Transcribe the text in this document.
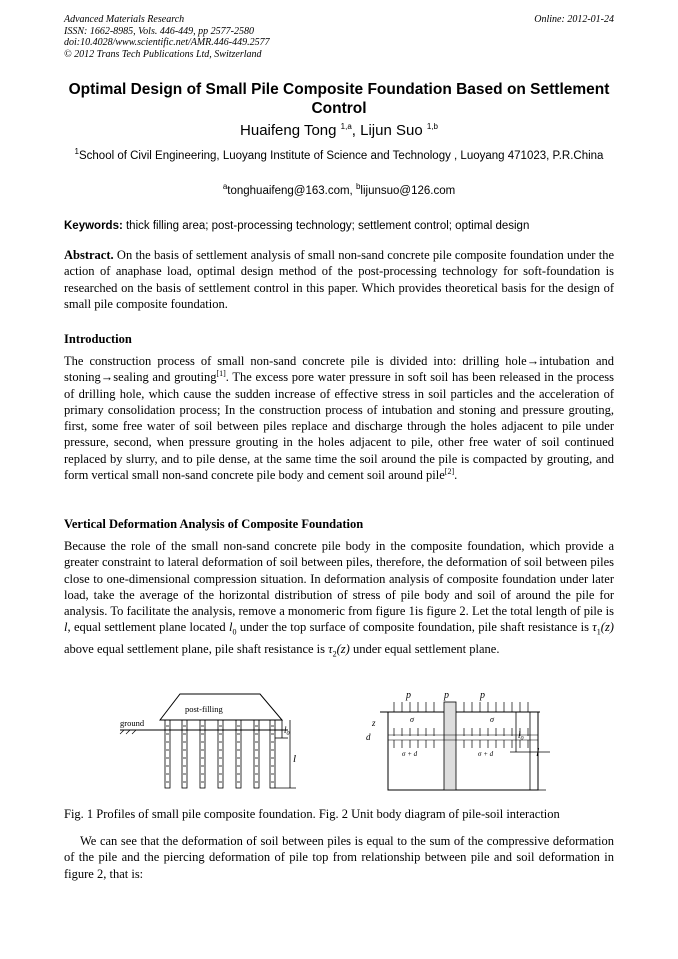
Advanced Materials Research
ISSN: 1662-8985, Vols. 446-449, pp 2577-2580
doi:10.4028/www.scientific.net/AMR.446-449.2577
© 2012 Trans Tech Publications Ltd, Switzerland
Online: 2012-01-24
Optimal Design of Small Pile Composite Foundation Based on Settlement Control
Huaifeng Tong $^{1,a}$, Lijun Suo $^{1,b}$
$^1$School of Civil Engineering, Luoyang Institute of Science and Technology , Luoyang 471023, P.R.China
$^a$tonghuaifeng@163.com, $^b$lijunsuo@126.com
Keywords: thick filling area; post-processing technology; settlement control; optimal design
Abstract. On the basis of settlement analysis of small non-sand concrete pile composite foundation under the action of anaphase load, optimal design method of the post-processing technology for soft-foundation is researched on the basis of settlement control in this paper. Which provides theoretical basis for the design of small pile composite foundation.
Introduction
The construction process of small non-sand concrete pile is divided into: drilling hole→intubation and stoning→sealing and grouting[1]. The excess pore water pressure in soft soil has been released in the process of drilling hole, which cause the sudden increase of effective stress in soil particles and the acceleration of primary consolidation process; In the construction process of intubation and stoning and pressure grouting, first, some free water of soil between piles replace and discharge through the holes adjacent to pile under pressure, second, when pressure grouting in the holes adjacent to pile, other free water of soil continued replaced by slurry, and to pile dense, at the same time the soil around the pile is compacted by grouting, and form vertical small non-sand concrete pile body and cement soil around pile[2].
Vertical Deformation Analysis of Composite Foundation
Because the role of the small non-sand concrete pile body in the composite foundation, which provide a greater constraint to lateral deformation of soil between piles, therefore, the deformation of soil between piles close to one-dimensional compression situation. In deformation analysis of composite foundation under later load, take the average of the horizontal distribution of stress of pile body and soil of around the pile for analysis. To facilitate the analysis, remove a monomeric from figure 1is figure 2. Let the total length of pile is l, equal settlement plane located $l_0$ under the top surface of composite foundation, pile shaft resistance is $\tau_1(z)$ above equal settlement plane, pile shaft resistance is $\tau_2(z)$ under equal settlement plane.
post-filling
ground
$l_0$
l
p	p	p
σ	σ
σ + d	σ + d
z
d	$l_0$
l
Fig. 1 Profiles of small pile composite foundation. Fig. 2 Unit body diagram of pile-soil interaction
We can see that the deformation of soil between piles is equal to the sum of the compressive deformation of the pile and the piercing deformation of pile top from relationship between pile and soil deformation in figure 2, that is:
